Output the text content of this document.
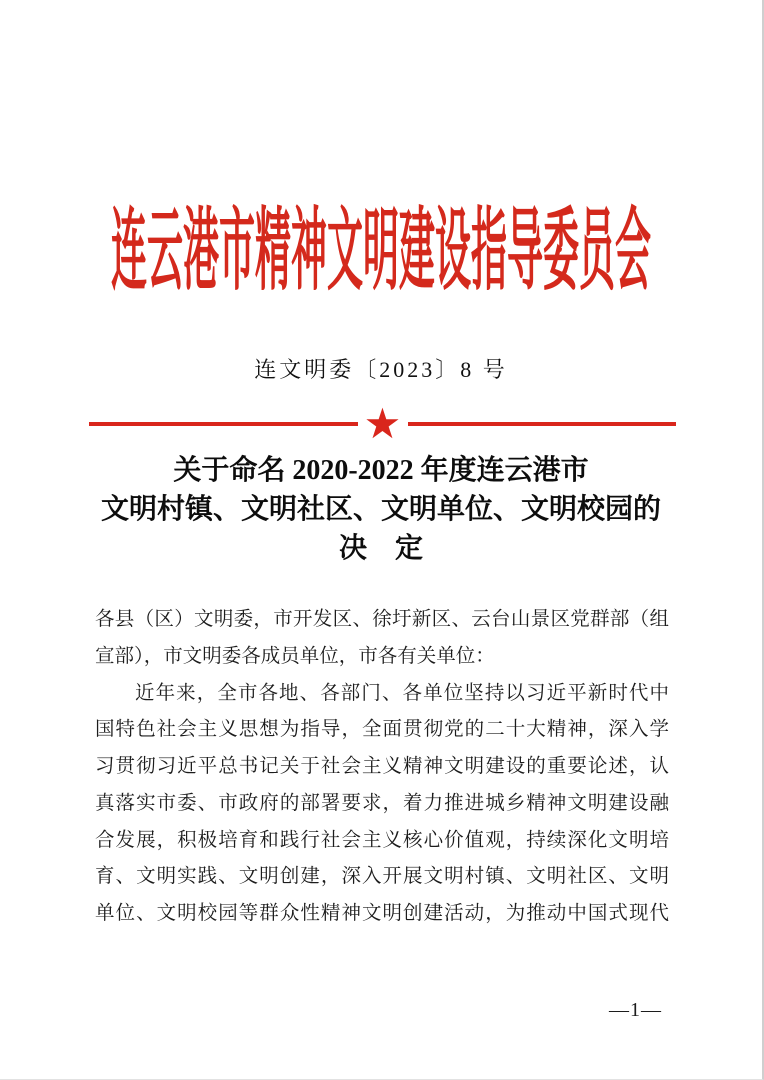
连云港市精神文明建设指导委员会
连文明委〔2023〕8 号
★
关于命名 2020-2022 年度连云港市
文明村镇、文明社区、文明单位、文明校园的
决　定
各县（区）文明委，市开发区、徐圩新区、云台山景区党群部（组
宣部），市文明委各成员单位，市各有关单位：
近年来，全市各地、各部门、各单位坚持以习近平新时代中
国特色社会主义思想为指导，全面贯彻党的二十大精神，深入学
习贯彻习近平总书记关于社会主义精神文明建设的重要论述，认
真落实市委、市政府的部署要求，着力推进城乡精神文明建设融
合发展，积极培育和践行社会主义核心价值观，持续深化文明培
育、文明实践、文明创建，深入开展文明村镇、文明社区、文明
单位、文明校园等群众性精神文明创建活动，为推动中国式现代
—1—
